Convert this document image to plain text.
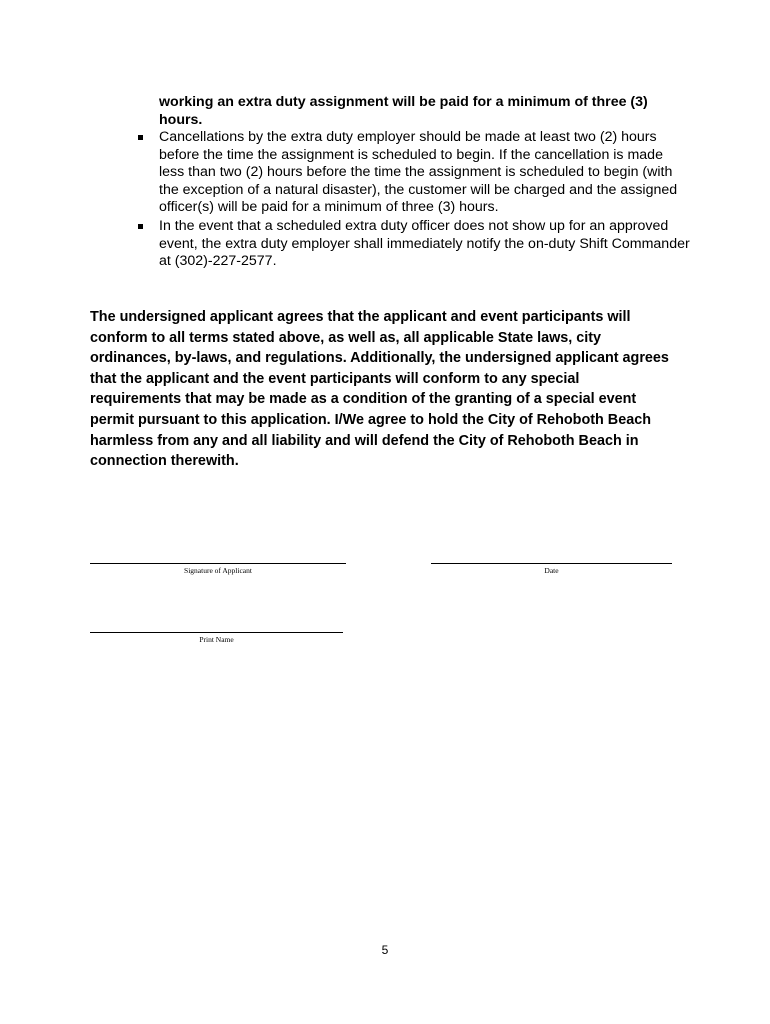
working an extra duty assignment will be paid for a minimum of three (3) hours.
Cancellations by the extra duty employer should be made at least two (2) hours before the time the assignment is scheduled to begin. If the cancellation is made less than two (2) hours before the time the assignment is scheduled to begin (with the exception of a natural disaster), the customer will be charged and the assigned officer(s) will be paid for a minimum of three (3) hours.
In the event that a scheduled extra duty officer does not show up for an approved event, the extra duty employer shall immediately notify the on-duty Shift Commander at (302)-227-2577.
The undersigned applicant agrees that the applicant and event participants will conform to all terms stated above, as well as, all applicable State laws, city ordinances, by-laws, and regulations. Additionally, the undersigned applicant agrees that the applicant and the event participants will conform to any special requirements that may be made as a condition of the granting of a special event permit pursuant to this application. I/We agree to hold the City of Rehoboth Beach harmless from any and all liability and will defend the City of Rehoboth Beach in connection therewith.
Signature of Applicant	Date
Print Name
5
